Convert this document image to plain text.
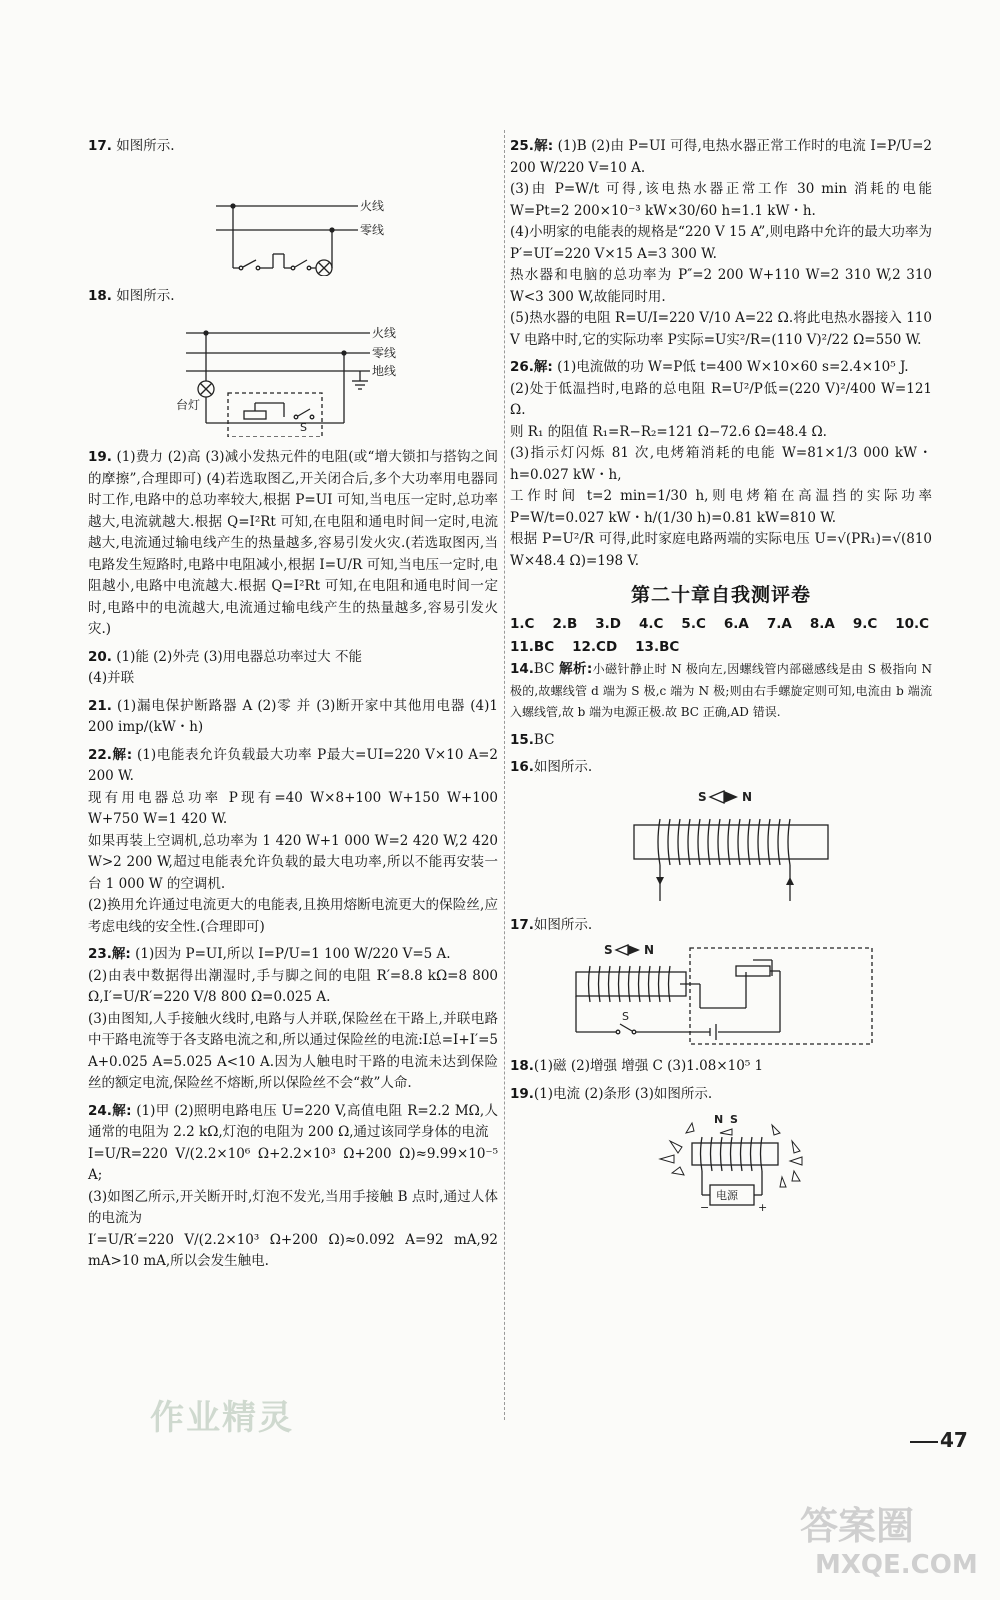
17. 如图所示.
火线
零线
18. 如图所示.
火线
零线
地线
台灯
S
19. (1)费力 (2)高 (3)减小发热元件的电阻(或“增大锁扣与搭钩之间的摩擦”,合理即可) (4)若选取图乙,开关闭合后,多个大功率用电器同时工作,电路中的总功率较大,根据 P=UI 可知,当电压一定时,总功率越大,电流就越大.根据 Q=I²Rt 可知,在电阻和通电时间一定时,电流越大,电流通过输电线产生的热量越多,容易引发火灾.(若选取图丙,当电路发生短路时,电路中电阻减小,根据 I=U/R 可知,当电压一定时,电阻越小,电路中电流越大.根据 Q=I²Rt 可知,在电阻和通电时间一定时,电路中的电流越大,电流通过输电线产生的热量越多,容易引发火灾.)
20. (1)能 (2)外壳 (3)用电器总功率过大 不能
(4)并联
21. (1)漏电保护断路器 A (2)零 并 (3)断开家中其他用电器 (4)1 200 imp/(kW・h)
22.解: (1)电能表允许负载最大功率 P最大=UI=220 V×10 A=2 200 W.
现有用电器总功率 P现有=40 W×8+100 W+150 W+100 W+750 W=1 420 W.
如果再装上空调机,总功率为 1 420 W+1 000 W=2 420 W,2 420 W>2 200 W,超过电能表允许负载的最大电功率,所以不能再安装一台 1 000 W 的空调机.
(2)换用允许通过电流更大的电能表,且换用熔断电流更大的保险丝,应考虑电线的安全性.(合理即可)
23.解: (1)因为 P=UI,所以 I=P/U=1 100 W/220 V=5 A.
(2)由表中数据得出潮湿时,手与脚之间的电阻 R′=8.8 kΩ=8 800 Ω,I′=U/R′=220 V/8 800 Ω=0.025 A.
(3)由图知,人手接触火线时,电路与人并联,保险丝在干路上,并联电路中干路电流等于各支路电流之和,所以通过保险丝的电流:I总=I+I′=5 A+0.025 A=5.025 A<10 A.因为人触电时干路的电流未达到保险丝的额定电流,保险丝不熔断,所以保险丝不会“救”人命.
24.解: (1)甲 (2)照明电路电压 U=220 V,高值电阻 R=2.2 MΩ,人通常的电阻为 2.2 kΩ,灯泡的电阻为 200 Ω,通过该同学身体的电流
I=U/R=220 V/(2.2×10⁶ Ω+2.2×10³ Ω+200 Ω)≈9.99×10⁻⁵ A;
(3)如图乙所示,开关断开时,灯泡不发光,当用手接触 B 点时,通过人体的电流为
I′=U/R′=220 V/(2.2×10³ Ω+200 Ω)≈0.092 A=92 mA,92 mA>10 mA,所以会发生触电.
25.解: (1)B (2)由 P=UI 可得,电热水器正常工作时的电流 I=P/U=2 200 W/220 V=10 A.
(3)由 P=W/t 可得,该电热水器正常工作 30 min 消耗的电能 W=Pt=2 200×10⁻³ kW×30/60 h=1.1 kW・h.
(4)小明家的电能表的规格是“220 V 15 A”,则电路中允许的最大功率为 P′=UI′=220 V×15 A=3 300 W.
热水器和电脑的总功率为 P″=2 200 W+110 W=2 310 W,2 310 W<3 300 W,故能同时用.
(5)热水器的电阻 R=U/I=220 V/10 A=22 Ω.将此电热水器接入 110 V 电路中时,它的实际功率 P实际=U实²/R=(110 V)²/22 Ω=550 W.
26.解: (1)电流做的功 W=P低 t=400 W×10×60 s=2.4×10⁵ J.
(2)处于低温挡时,电路的总电阻 R=U²/P低=(220 V)²/400 W=121 Ω.
则 R₁ 的阻值 R₁=R−R₂=121 Ω−72.6 Ω=48.4 Ω.
(3)指示灯闪烁 81 次,电烤箱消耗的电能 W=81×1/3 000 kW・h=0.027 kW・h,
工作时间 t=2 min=1/30 h,则电烤箱在高温挡的实际功率 P=W/t=0.027 kW・h/(1/30 h)=0.81 kW=810 W.
根据 P=U²/R 可得,此时家庭电路两端的实际电压 U=√(PR₁)=√(810 W×48.4 Ω)=198 V.
第二十章自我测评卷
1.C 2.B 3.D 4.C 5.C 6.A 7.A 8.A 9.C 10.C
11.BC 12.CD 13.BC
14.BC 解析:小磁针静止时 N 极向左,因螺线管内部磁感线是由 S 极指向 N 极的,故螺线管 d 端为 S 极,c 端为 N 极;则由右手螺旋定则可知,电流由 b 端流入螺线管,故 b 端为电源正极.故 BC 正确,AD 错误.
15.BC
16.如图所示.
S	N
17.如图所示.
S	N
S
18.(1)磁 (2)增强 增强 C (3)1.08×10⁵ 1
19.(1)电流 (2)条形 (3)如图所示.
N S
电源
−	+
47
作业精灵
答案圈
MXQE.COM
